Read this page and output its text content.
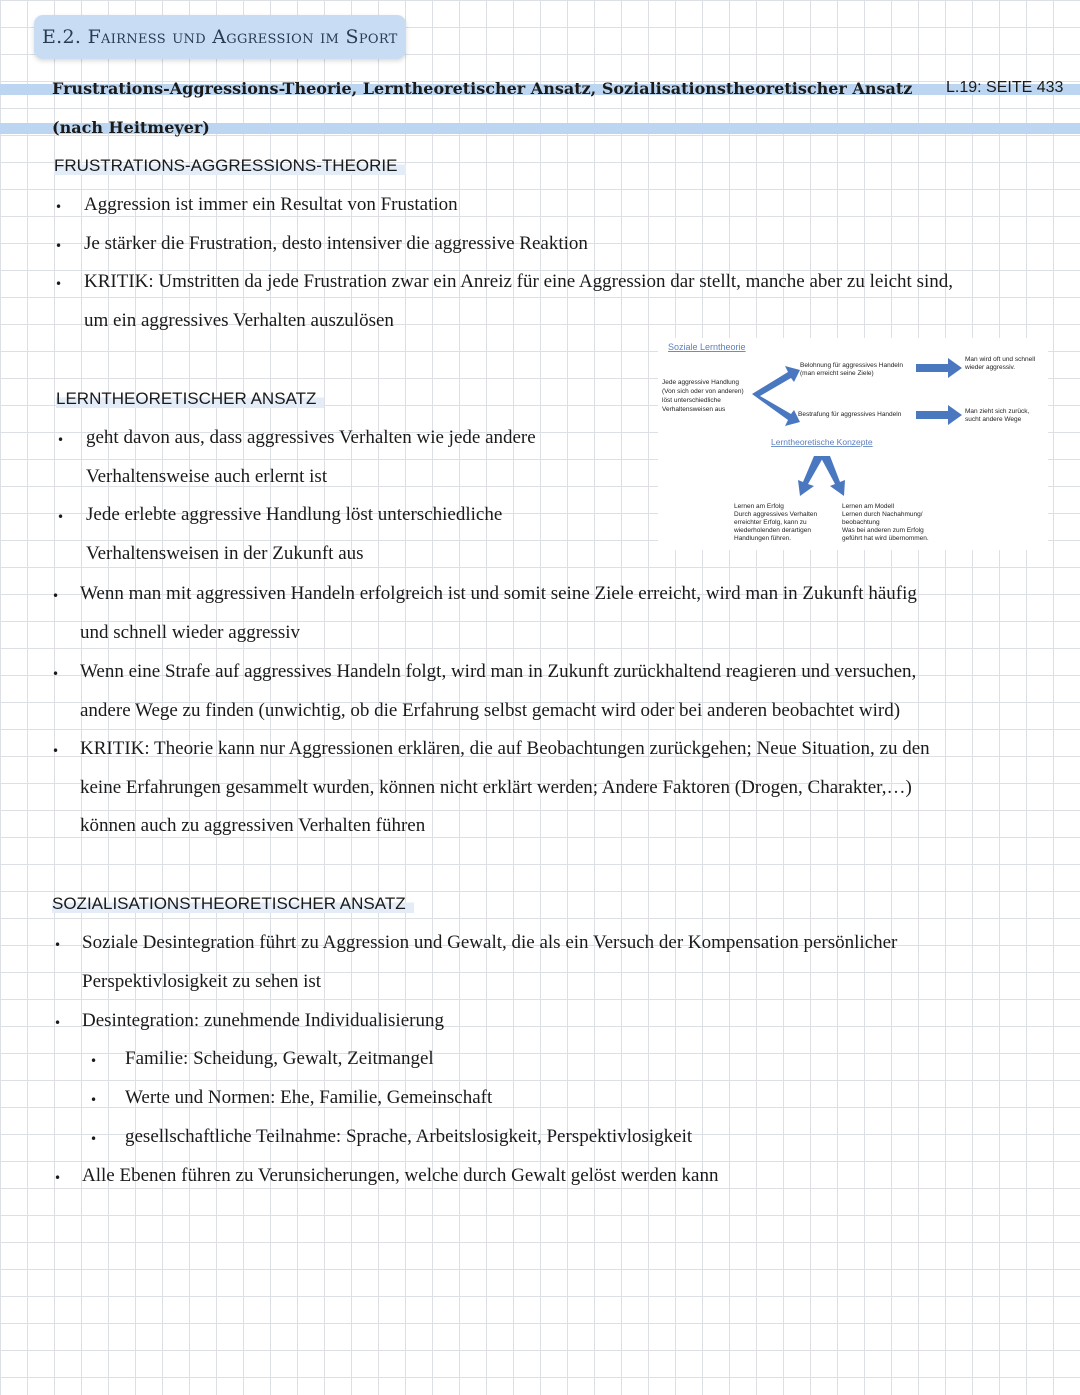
E.2. Fairness und Aggression im Sport
Frustrations-Aggressions-Theorie, Lerntheoretischer Ansatz, Sozialisationstheoretischer Ansatz L.19: SEITE 433
(nach Heitmeyer)
FRUSTRATIONS-AGGRESSIONS-THEORIE
• Aggression ist immer ein Resultat von Frustation
• Je stärker die Frustration, desto intensiver die aggressive Reaktion
• KRITIK: Umstritten da jede Frustration zwar ein Anreiz für eine Aggression dar stellt, manche aber zu leicht sind,
um ein aggressives Verhalten auszulösen
LERNTHEORETISCHER ANSATZ
• geht davon aus, dass aggressives Verhalten wie jede andere
Verhaltensweise auch erlernt ist
• Jede erlebte aggressive Handlung löst unterschiedliche
Verhaltensweisen in der Zukunft aus
Soziale Lerntheorie
Jede aggressive Handlung
(Von sich oder von anderen)
löst unterschiedliche
Verhaltensweisen aus
Belohnung für aggressives Handeln
(man erreicht seine Ziele)
Man wird oft und schnell
wieder aggressiv.
Bestrafung für aggressives Handeln	Man zieht sich zurück,
sucht andere Wege
Lernen am Erfolg
Durch aggressives Verhalten
erreichter Erfolg, kann zu
wiederholenden derartigen
Handlungen führen.
Lernen am Modell
Lernen durch Nachahmung/
beobachtung
Was bei anderen zum Erfolg
geführt hat wird übernommen.
Lerntheoretische Konzepte
• Wenn man mit aggressiven Handeln erfolgreich ist und somit seine Ziele erreicht, wird man in Zukunft häufig
und schnell wieder aggressiv
• Wenn eine Strafe auf aggressives Handeln folgt, wird man in Zukunft zurückhaltend reagieren und versuchen,
andere Wege zu finden (unwichtig, ob die Erfahrung selbst gemacht wird oder bei anderen beobachtet wird)
• KRITIK: Theorie kann nur Aggressionen erklären, die auf Beobachtungen zurückgehen; Neue Situation, zu den
keine Erfahrungen gesammelt wurden, können nicht erklärt werden; Andere Faktoren (Drogen, Charakter,…)
können auch zu aggressiven Verhalten führen
SOZIALISATIONSTHEORETISCHER ANSATZ
• Soziale Desintegration führt zu Aggression und Gewalt, die als ein Versuch der Kompensation persönlicher
Perspektivlosigkeit zu sehen ist
• Desintegration: zunehmende Individualisierung
• Familie: Scheidung, Gewalt, Zeitmangel
• Werte und Normen: Ehe, Familie, Gemeinschaft
• gesellschaftliche Teilnahme: Sprache, Arbeitslosigkeit, Perspektivlosigkeit
• Alle Ebenen führen zu Verunsicherungen, welche durch Gewalt gelöst werden kann
